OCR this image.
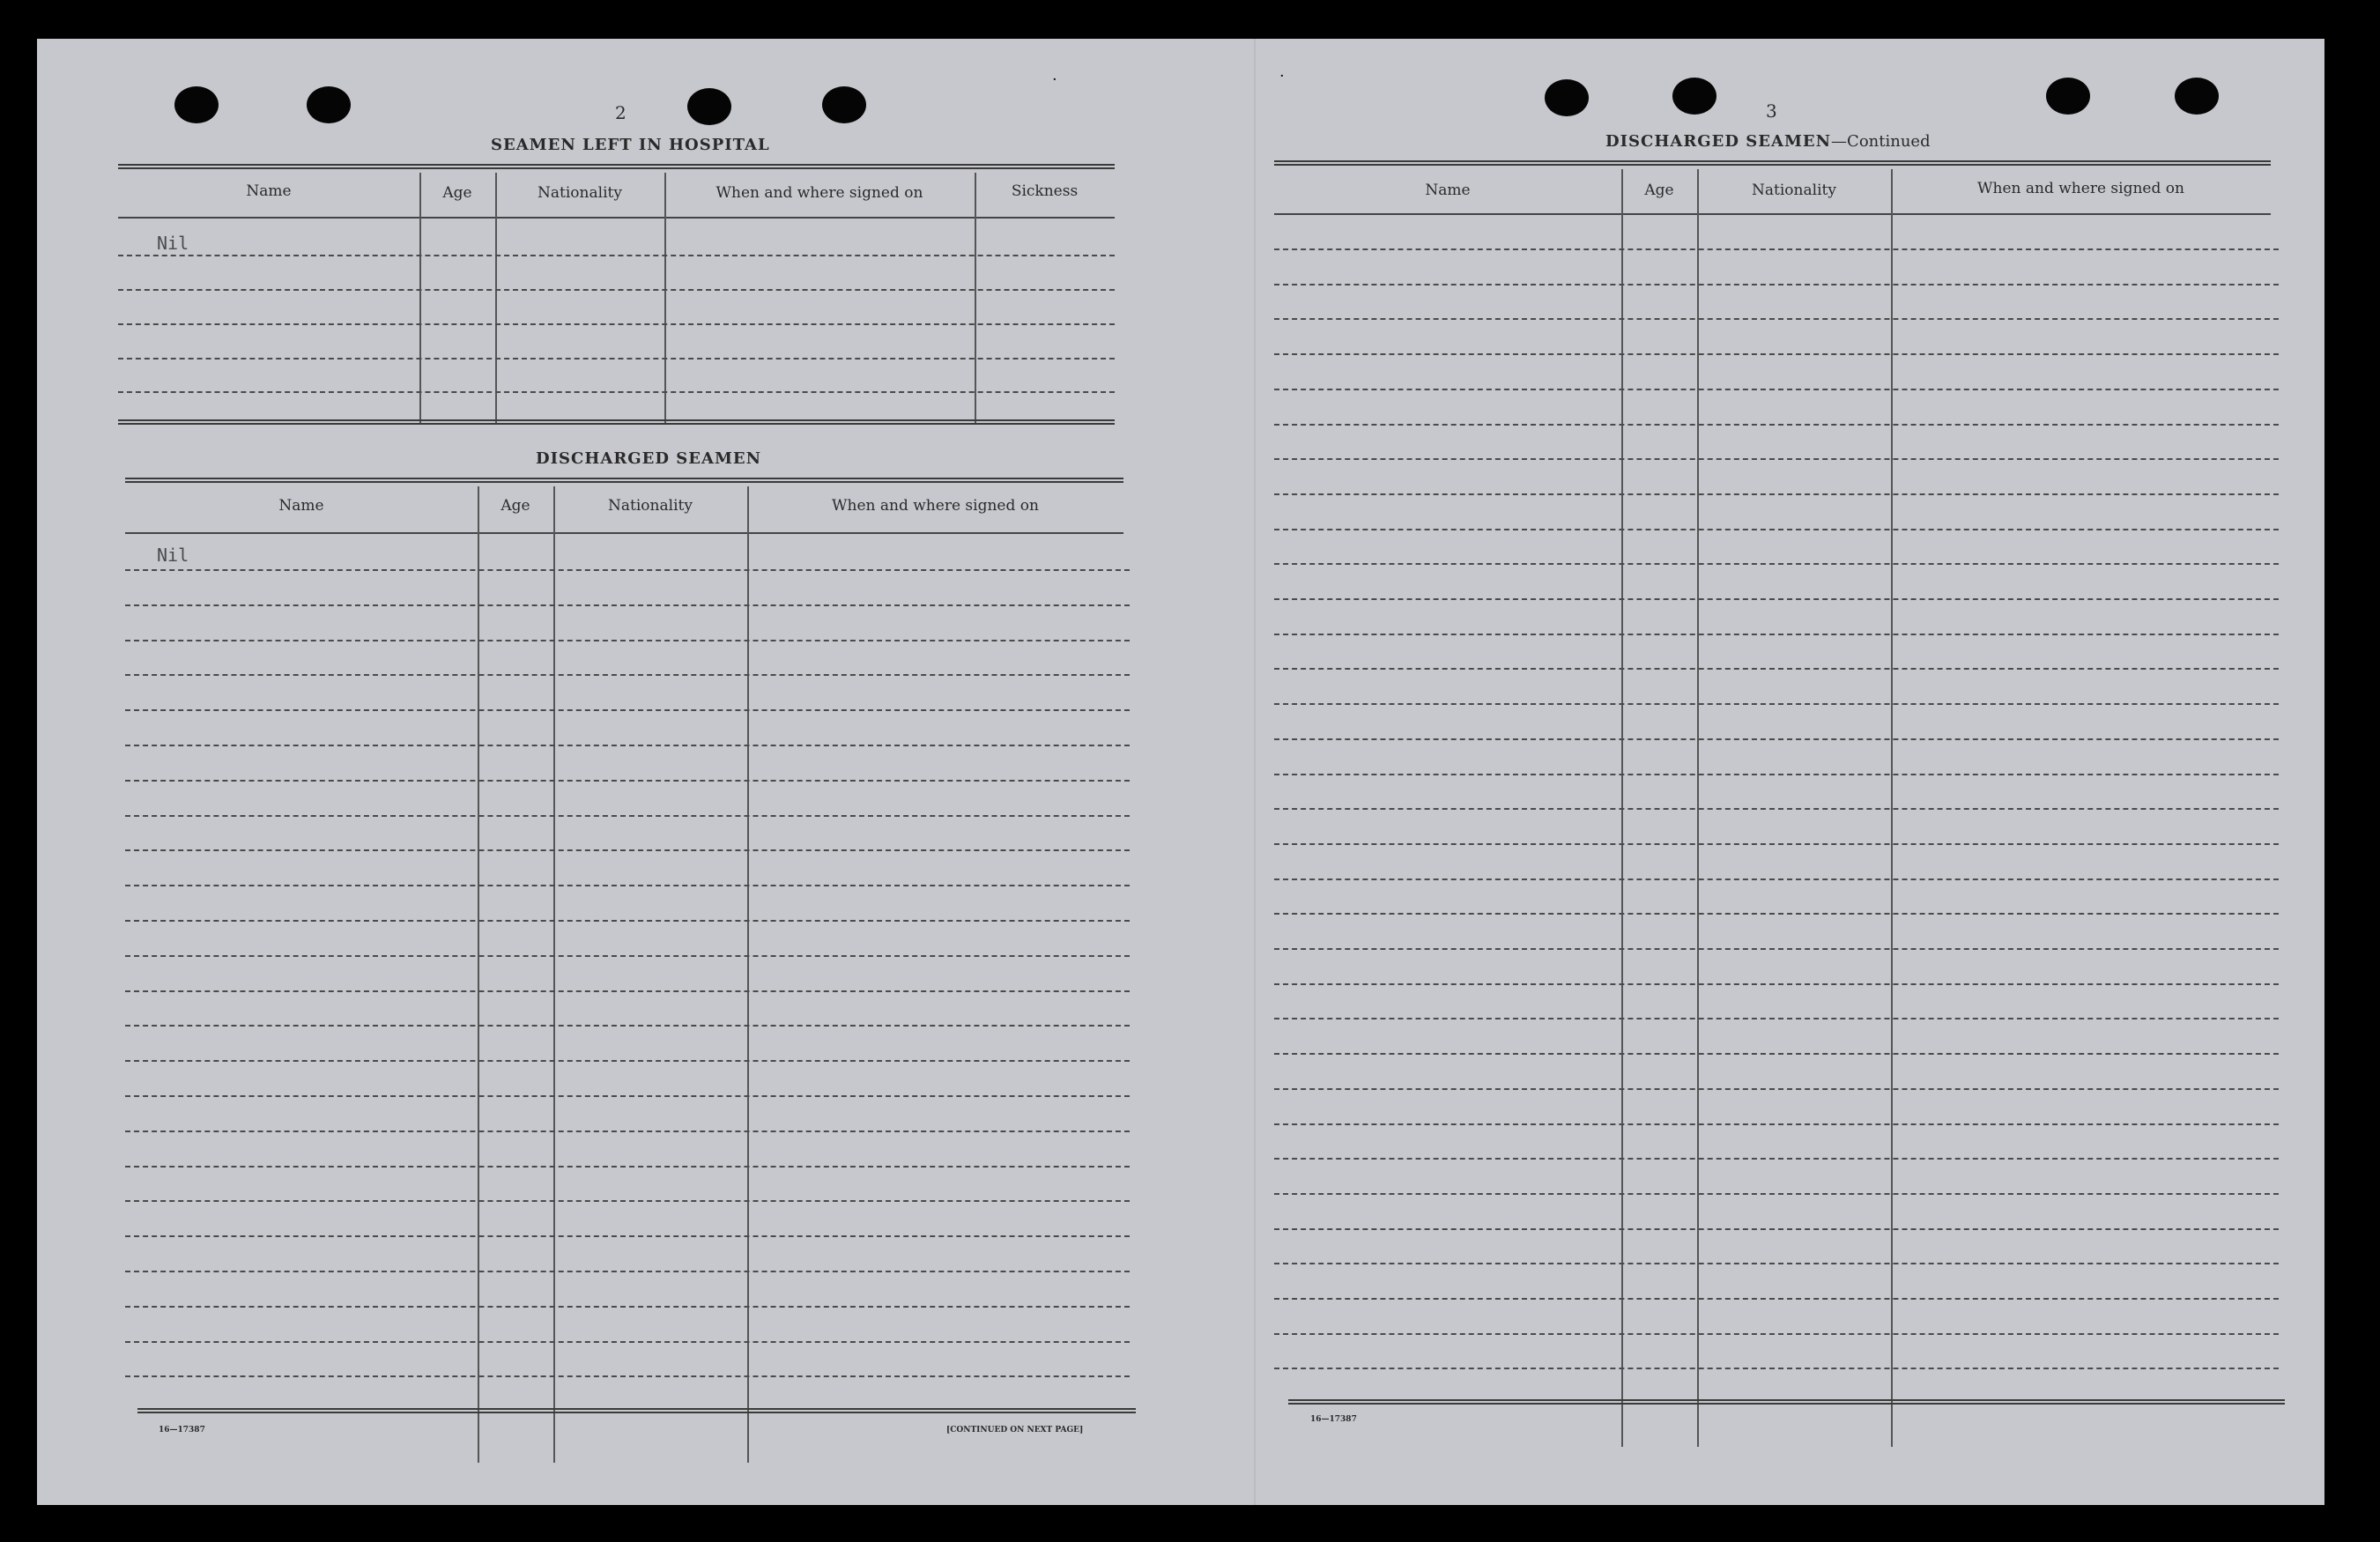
·	·
2
SEAMEN LEFT IN HOSPITAL
Name	Age	Nationality	When and where signed on	Sickness
Nil
DISCHARGED SEAMEN
Name	Age	Nationality	When and where signed on
Nil
16—17387	[CONTINUED ON NEXT PAGE]
3
DISCHARGED SEAMEN—Continued
Name	Age	Nationality	When and where signed on
16—17387
